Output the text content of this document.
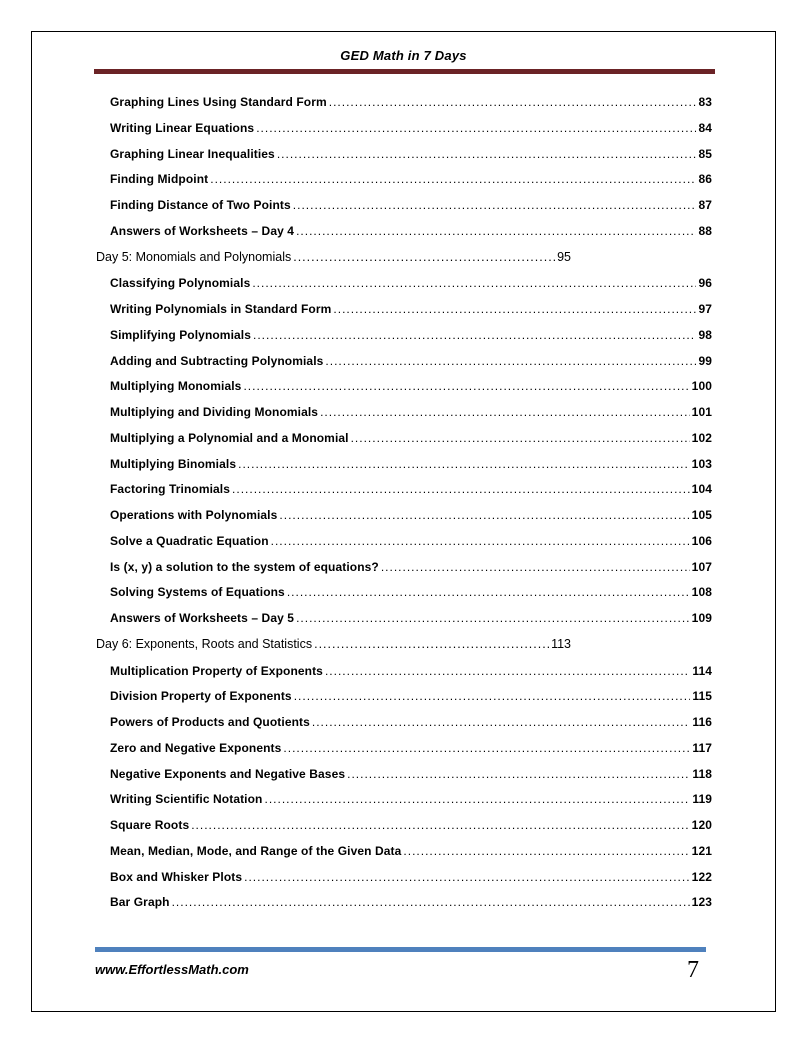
GED Math in 7 Days
Graphing Lines Using Standard Form .....	83
Writing Linear Equations .....	84
Graphing Linear Inequalities .....	85
Finding Midpoint .....	86
Finding Distance of Two Points .....	87
Answers of Worksheets – Day 4 .....	88
Day 5: Monomials and Polynomials .....	95
Classifying Polynomials .....	96
Writing Polynomials in Standard Form .....	97
Simplifying Polynomials .....	98
Adding and Subtracting Polynomials .....	99
Multiplying Monomials .....	100
Multiplying and Dividing Monomials .....	101
Multiplying a Polynomial and a Monomial .....	102
Multiplying Binomials .....	103
Factoring Trinomials .....	104
Operations with Polynomials .....	105
Solve a Quadratic Equation .....	106
Is (x, y) a solution to the system of equations? .....	107
Solving Systems of Equations .....	108
Answers of Worksheets – Day 5 .....	109
Day 6: Exponents, Roots and Statistics .....	113
Multiplication Property of Exponents .....	114
Division Property of Exponents .....	115
Powers of Products and Quotients .....	116
Zero and Negative Exponents .....	117
Negative Exponents and Negative Bases .....	118
Writing Scientific Notation .....	119
Square Roots .....	120
Mean, Median, Mode, and Range of the Given Data .....	121
Box and Whisker Plots .....	122
Bar Graph .....	123
www.EffortlessMath.com	7
